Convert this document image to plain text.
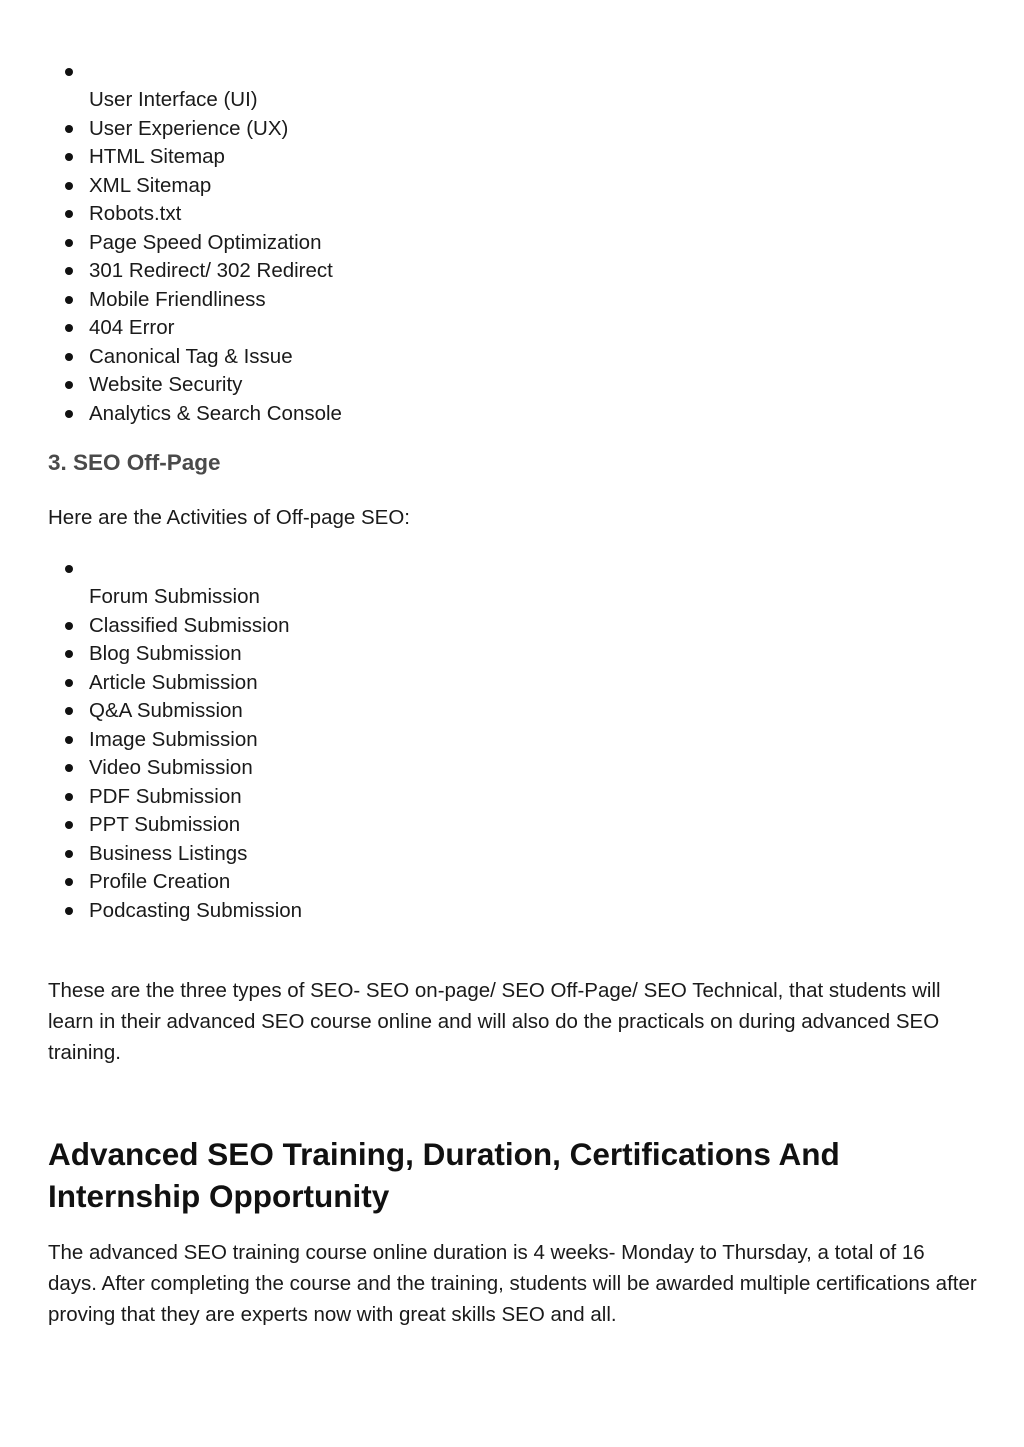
User Interface (UI)
User Experience (UX)
HTML Sitemap
XML Sitemap
Robots.txt
Page Speed Optimization
301 Redirect/ 302 Redirect
Mobile Friendliness
404 Error
Canonical Tag & Issue
Website Security
Analytics & Search Console
3. SEO Off-Page

Here are the Activities of Off-page SEO:

Forum Submission
Classified Submission
Blog Submission
Article Submission
Q&A Submission
Image Submission
Video Submission
PDF Submission
PPT Submission
Business Listings
Profile Creation
Podcasting Submission

These are the three types of SEO- SEO on-page/ SEO Off-Page/ SEO Technical, that students will learn in their advanced SEO course online and will also do the practicals on during advanced SEO training.

Advanced SEO Training, Duration, Certifications And Internship Opportunity

The advanced SEO training course online duration is 4 weeks- Monday to Thursday, a total of 16 days. After completing the course and the training, students will be awarded multiple certifications after proving that they are experts now with great skills SEO and all.
